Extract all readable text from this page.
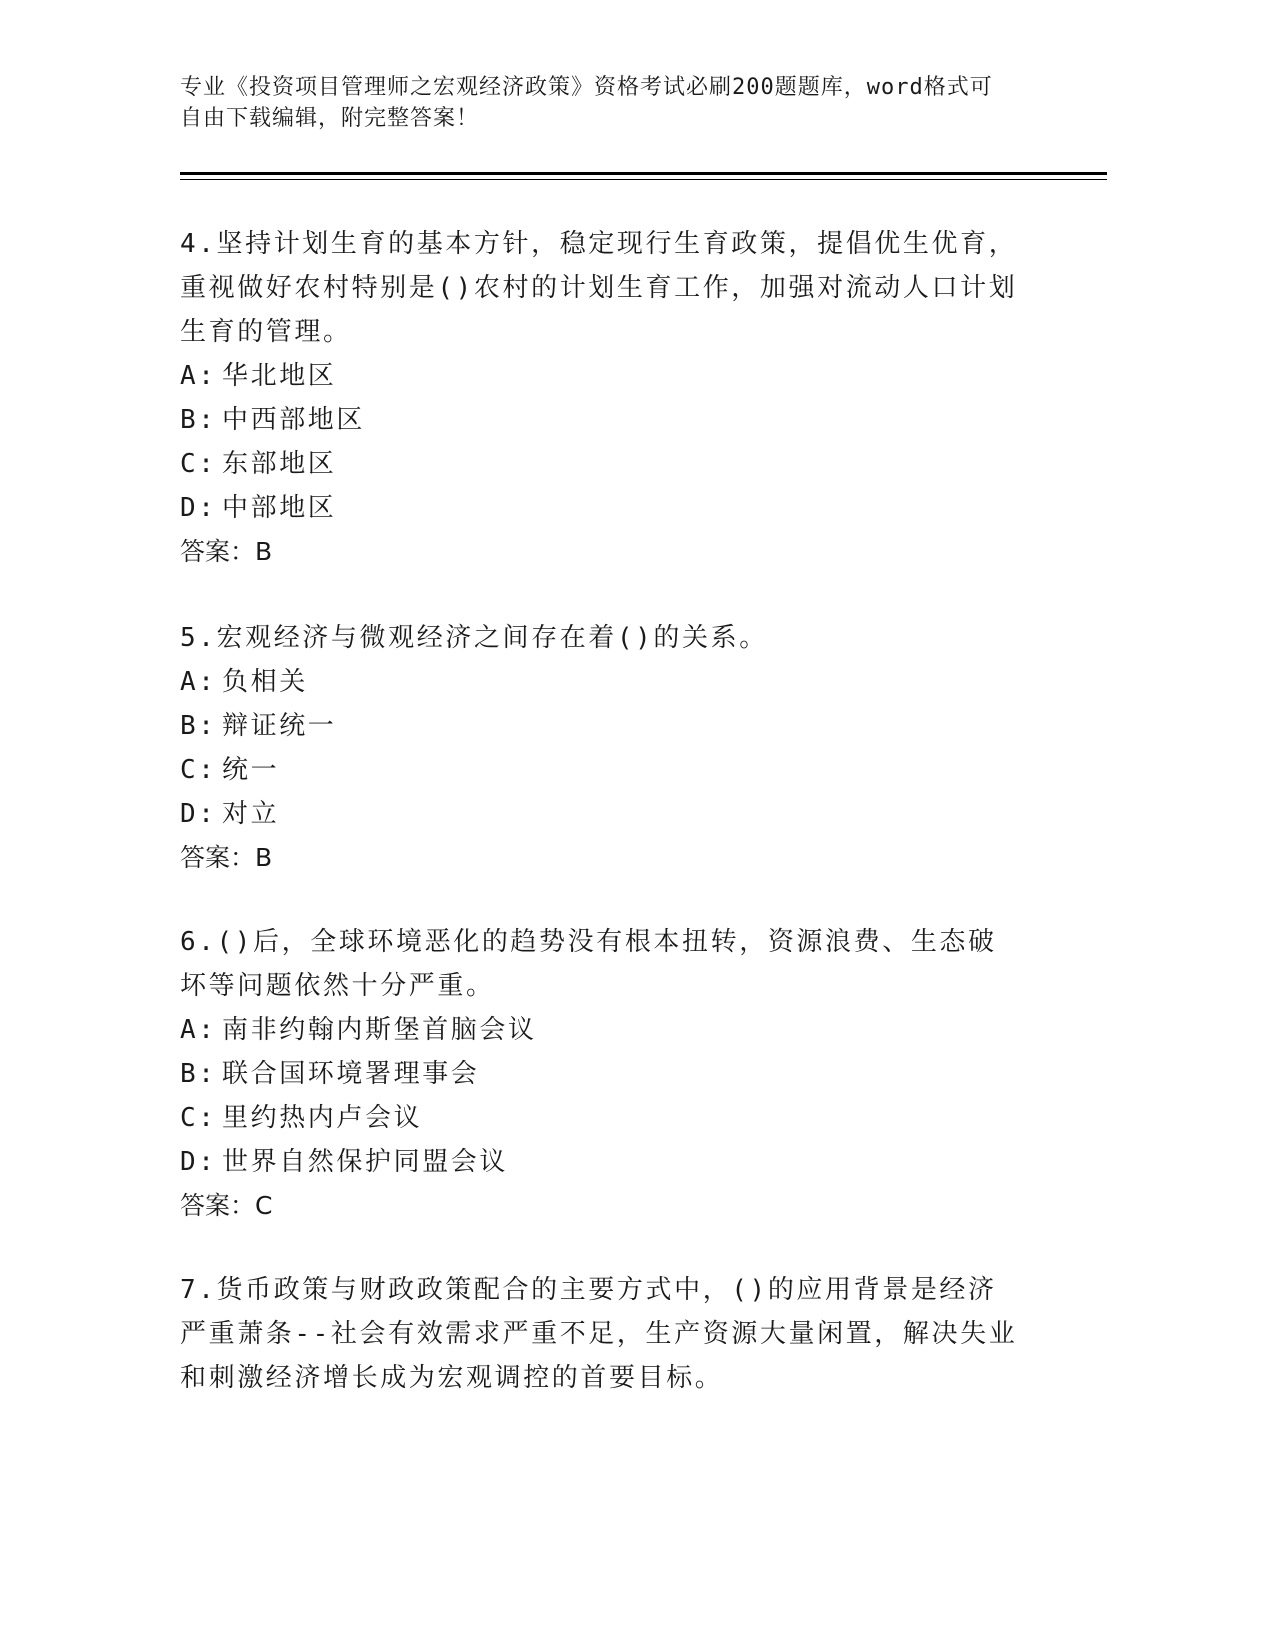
专业《投资项目管理师之宏观经济政策》资格考试必刷200题题库，word格式可
自由下载编辑，附完整答案！

4.坚持计划生育的基本方针，稳定现行生育政策，提倡优生优育，重视做好农村特别是()农村的计划生育工作，加强对流动人口计划生育的管理。

A: 华北地区
B: 中西部地区
C: 东部地区
D: 中部地区
答案：B

5.宏观经济与微观经济之间存在着()的关系。

A: 负相关
B: 辩证统一
C: 统一
D: 对立
答案：B

6.()后，全球环境恶化的趋势没有根本扭转，资源浪费、生态破坏等问题依然十分严重。

A: 南非约翰内斯堡首脑会议
B: 联合国环境署理事会
C: 里约热内卢会议
D: 世界自然保护同盟会议
答案：C

7.货币政策与财政政策配合的主要方式中，()的应用背景是经济严重萧条--社会有效需求严重不足，生产资源大量闲置，解决失业和刺激经济增长成为宏观调控的首要目标。
